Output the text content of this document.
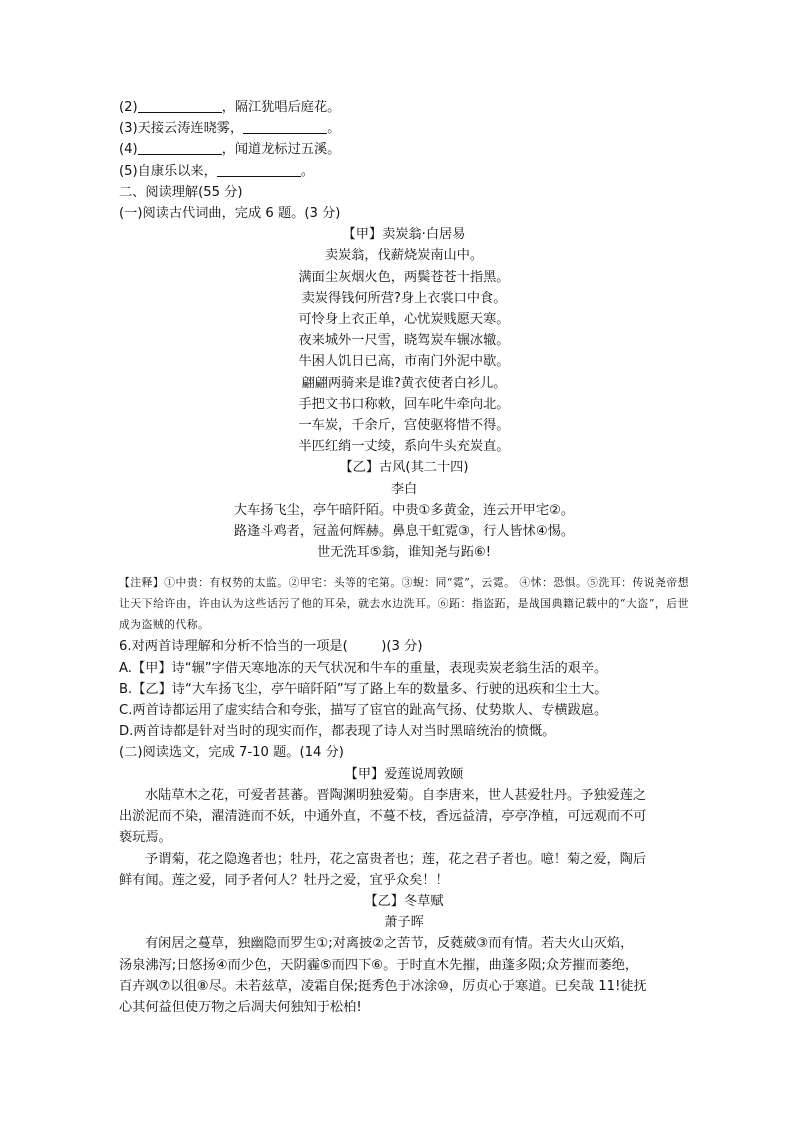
(2)	，隔江犹唱后庭花。
(3)天接云涛连晓雾，	。
(4)	，闻道龙标过五溪。
(5)自康乐以来，	。
二、阅读理解(55 分)
(一)阅读古代词曲，完成 6 题。(3 分)
【甲】卖炭翁·白居易
卖炭翁，伐薪烧炭南山中。
满面尘灰烟火色，两鬓苍苍十指黑。
卖炭得钱何所营?身上衣裳口中食。
可怜身上衣正单，心忧炭贱愿天寒。
夜来城外一尺雪，晓驾炭车辗冰辙。
牛困人饥日已高，市南门外泥中歇。
翩翩两骑来是谁?黄衣使者白衫儿。
手把文书口称敕，回车叱牛牵向北。
一车炭，千余斤，宫使驱将惜不得。
半匹红绡一丈绫，系向牛头充炭直。
【乙】古风(其二十四)
李白
大车扬飞尘，亭午暗阡陌。中贵①多黄金，连云开甲宅②。
路逢斗鸡者，冠盖何辉赫。鼻息干虹霓③，行人皆怵④惕。
世无洗耳⑤翁，谁知尧与跖⑥!
【注释】①中贵：有权势的太监。②甲宅：头等的宅第。③蜺：同“霓”，云霓。 ④怵：恐惧。⑤洗耳：传说尧帝想让天下给许由，许由认为这些话污了他的耳朵，就去水边洗耳。⑥跖：指盗跖，是战国典籍记载中的“大盗”，后世成为盗贼的代称。
6.对两首诗理解和分析不恰当的一项是(        )(3 分)
A.【甲】诗“辗”字借天寒地冻的天气状况和牛车的重量，表现卖炭老翁生活的艰辛。
B.【乙】诗“大车扬飞尘，亭午暗阡陌”写了路上车的数量多、行驶的迅疾和尘土大。
C.两首诗都运用了虚实结合和夸张，描写了宦官的趾高气扬、仗势欺人、专横跋扈。
D.两首诗都是针对当时的现实而作，都表现了诗人对当时黑暗统治的愤慨。
(二)阅读选文，完成 7-10 题。(14 分)
【甲】爱莲说周敦颐
水陆草木之花，可爱者甚蕃。晋陶渊明独爱菊。自李唐来，世人甚爱牡丹。予独爱莲之
出淤泥而不染，濯清涟而不妖，中通外直，不蔓不枝，香远益清，亭亭净植，可远观而不可
亵玩焉。
予谓菊，花之隐逸者也；牡丹，花之富贵者也；莲，花之君子者也。噫！菊之爱，陶后
鲜有闻。莲之爱，同予者何人？牡丹之爱，宜乎众矣！！
【乙】冬草赋
萧子晖
有闲居之蔓草，独幽隐而罗生①;对离披②之苦节，反蕤葳③而有情。若夫火山灭焰，
汤泉沸泻;日悠扬④而少色，天阴霾⑤而四下⑥。于时直木先摧，曲蓬多陨;众芳摧而萎绝，
百卉飒⑦以徂⑧尽。未若兹草，凌霜自保;挺秀色于冰涂⑩，厉贞心于寒道。已矣哉 11!徒抚
心其何益但使万物之后凋夫何独知于松柏!
